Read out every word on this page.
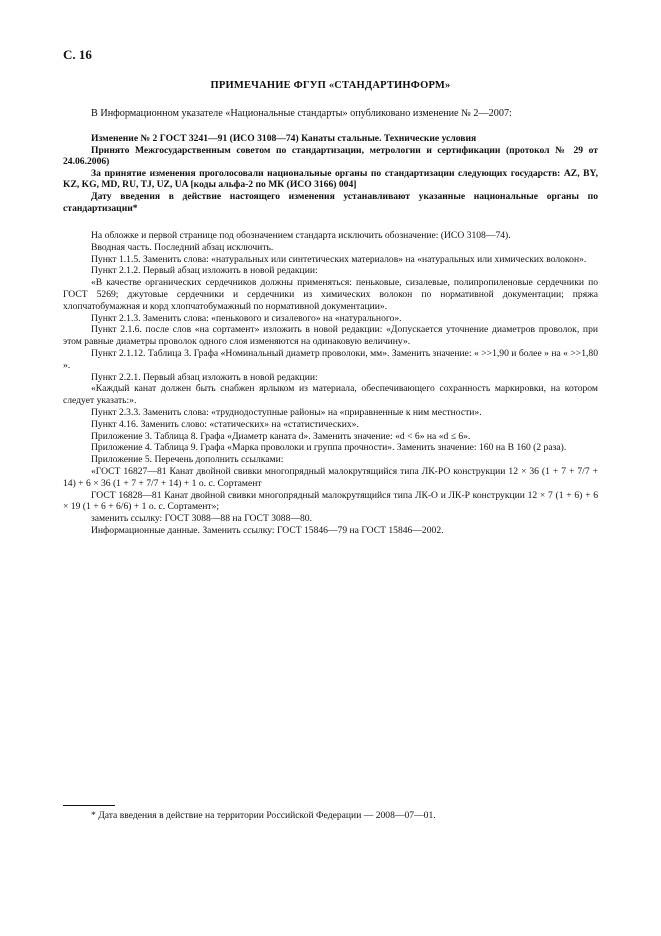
С. 16
ПРИМЕЧАНИЕ ФГУП «СТАНДАРТИНФОРМ»
В Информационном указателе «Национальные стандарты» опубликовано изменение № 2—2007:

Изменение № 2 ГОСТ 3241—91 (ИСО 3108—74) Канаты стальные. Технические условия

Принято Межгосударственным советом по стандартизации, метрологии и сертификации (протокол № 29 от 24.06.2006)

За принятие изменения проголосовали национальные органы по стандартизации следующих государств: AZ, BY, KZ, KG, MD, RU, TJ, UZ, UA [коды альфа-2 по МК (ИСО 3166) 004]

Дату введения в действие настоящего изменения устанавливают указанные национальные органы по стандартизации*

На обложке и первой странице под обозначением стандарта исключить обозначение: (ИСО 3108—74).

Вводная часть. Последний абзац исключить.

Пункт 1.1.5. Заменить слова: «натуральных или синтетических материалов» на «натуральных или химических волокон».

Пункт 2.1.2. Первый абзац изложить в новой редакции:

«В качестве органических сердечников должны применяться: пеньковые, сизалевые, полипропиленовые сердечники по ГОСТ 5269; джутовые сердечники и сердечники из химических волокон по нормативной документации; пряжа хлопчатобумажная и корд хлопчатобумажный по нормативной документации».

Пункт 2.1.3. Заменить слова: «пенькового и сизалевого» на «натурального».

Пункт 2.1.6. после слов «на сортамент» изложить в новой редакции: «Допускается уточнение диаметров проволок, при этом равные диаметры проволок одного слоя изменяются на одинаковую величину».

Пункт 2.1.12. Таблица 3. Графа «Номинальный диаметр проволоки, мм». Заменить значение: « >>1,90 и более » на « >>1,80 ».

Пункт 2.2.1. Первый абзац изложить в новой редакции:

«Каждый канат должен быть снабжен ярлыком из материала, обеспечивающего сохранность маркировки, на котором следует указать:».

Пункт 2.3.3. Заменить слова: «труднодоступные районы» на «приравненные к ним местности».

Пункт 4.16. Заменить слово: «статических» на «статистических».

Приложение 3. Таблица 8. Графа «Диаметр каната d». Заменить значение: «d < 6» на «d ≤ 6».

Приложение 4. Таблица 9. Графа «Марка проволоки и группа прочности». Заменить значение: 160 на В 160 (2 раза).

Приложение 5. Перечень дополнить ссылками:

«ГОСТ 16827—81 Канат двойной свивки многопрядный малокрутящийся типа ЛК-РО конструкции 12 × 36 (1 + 7 + 7/7 + 14) + 6 × 36 (1 + 7 + 7/7 + 14) + 1 о. с. Сортамент

ГОСТ 16828—81 Канат двойной свивки многопрядный малокрутящийся типа ЛК-О и ЛК-Р конструкции 12 × 7 (1 + 6) + 6 × 19 (1 + 6 + 6/6) + 1 о. с. Сортамент»;

заменить ссылку: ГОСТ 3088—88 на ГОСТ 3088—80.

Информационные данные. Заменить ссылку: ГОСТ 15846—79 на ГОСТ 15846—2002.

* Дата введения в действие на территории Российской Федерации — 2008—07—01.
